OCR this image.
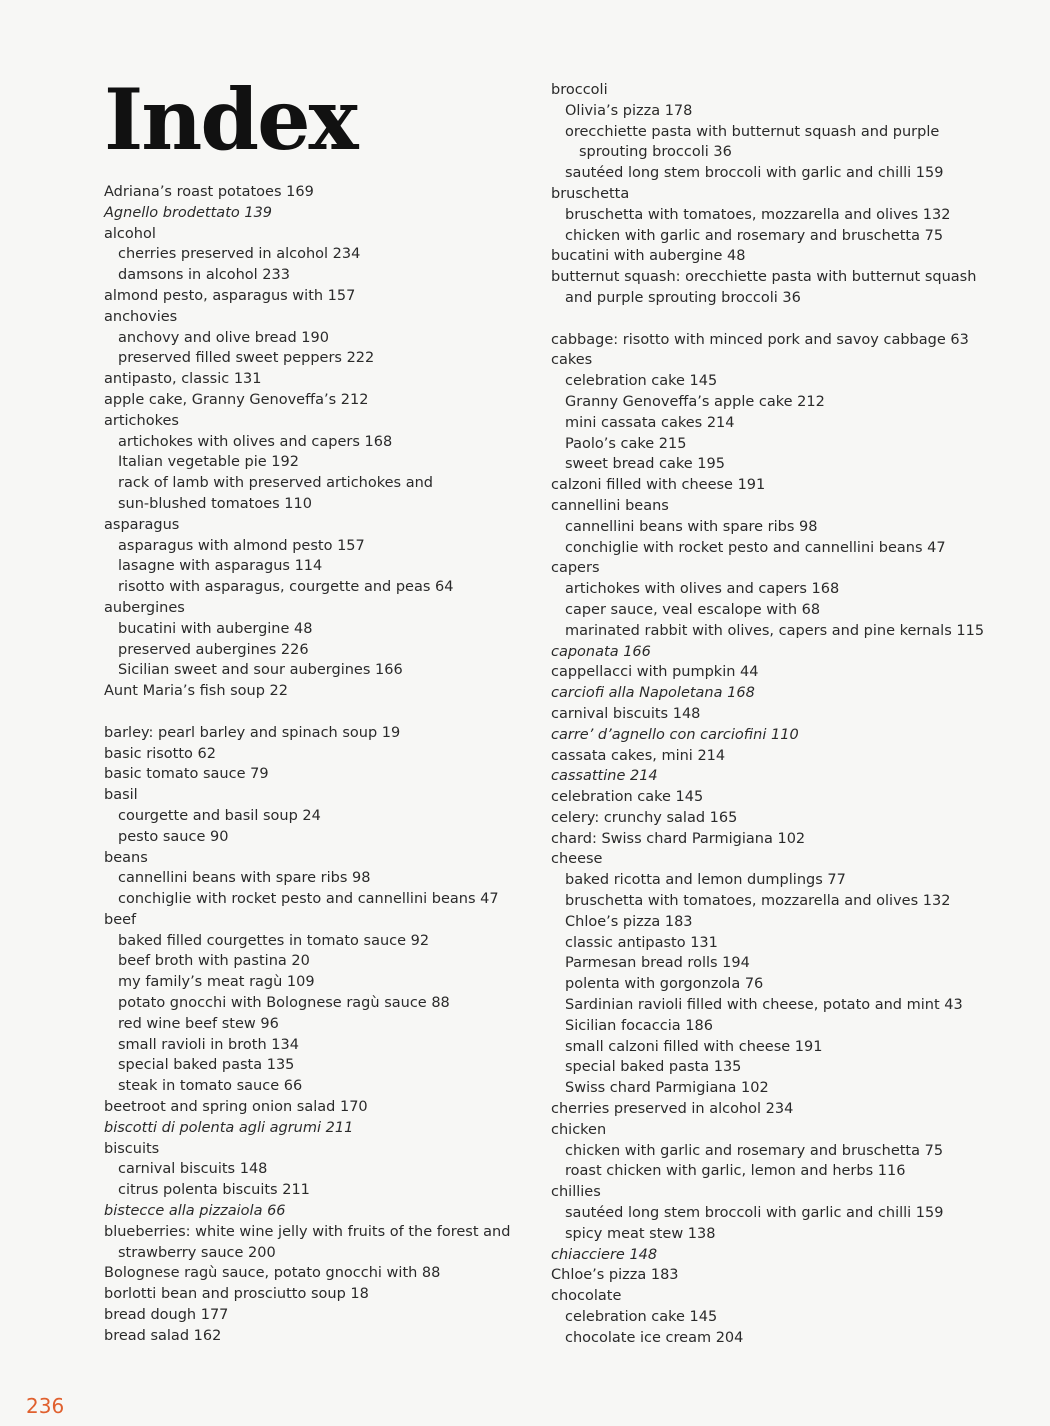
Index
Adriana’s roast potatoes 169
Agnello brodettato 139
alcohol
cherries preserved in alcohol 234
damsons in alcohol 233
almond pesto, asparagus with 157
anchovies
anchovy and olive bread 190
preserved filled sweet peppers 222
antipasto, classic 131
apple cake, Granny Genoveffa’s 212
artichokes
artichokes with olives and capers 168
Italian vegetable pie 192
rack of lamb with preserved artichokes and
sun-blushed tomatoes 110
asparagus
asparagus with almond pesto 157
lasagne with asparagus 114
risotto with asparagus, courgette and peas 64
aubergines
bucatini with aubergine 48
preserved aubergines 226
Sicilian sweet and sour aubergines 166
Aunt Maria’s fish soup 22
barley: pearl barley and spinach soup 19
basic risotto 62
basic tomato sauce 79
basil
courgette and basil soup 24
pesto sauce 90
beans
cannellini beans with spare ribs 98
conchiglie with rocket pesto and cannellini beans 47
beef
baked filled courgettes in tomato sauce 92
beef broth with pastina 20
my family’s meat ragù 109
potato gnocchi with Bolognese ragù sauce 88
red wine beef stew 96
small ravioli in broth 134
special baked pasta 135
steak in tomato sauce 66
beetroot and spring onion salad 170
biscotti di polenta agli agrumi 211
biscuits
carnival biscuits 148
citrus polenta biscuits 211
bistecce alla pizzaiola 66
blueberries: white wine jelly with fruits of the forest and
strawberry sauce 200
Bolognese ragù sauce, potato gnocchi with 88
borlotti bean and prosciutto soup 18
bread dough 177
bread salad 162
broccoli
Olivia’s pizza 178
orecchiette pasta with butternut squash and purple
sprouting broccoli 36
sautéed long stem broccoli with garlic and chilli 159
bruschetta
bruschetta with tomatoes, mozzarella and olives 132
chicken with garlic and rosemary and bruschetta 75
bucatini with aubergine 48
butternut squash: orecchiette pasta with butternut squash
and purple sprouting broccoli 36
cabbage: risotto with minced pork and savoy cabbage 63
cakes
celebration cake 145
Granny Genoveffa’s apple cake 212
mini cassata cakes 214
Paolo’s cake 215
sweet bread cake 195
calzoni filled with cheese 191
cannellini beans
cannellini beans with spare ribs 98
conchiglie with rocket pesto and cannellini beans 47
capers
artichokes with olives and capers 168
caper sauce, veal escalope with 68
marinated rabbit with olives, capers and pine kernals 115
caponata 166
cappellacci with pumpkin 44
carciofi alla Napoletana 168
carnival biscuits 148
carre’ d’agnello con carciofini 110
cassata cakes, mini 214
cassattine 214
celebration cake 145
celery: crunchy salad 165
chard: Swiss chard Parmigiana 102
cheese
baked ricotta and lemon dumplings 77
bruschetta with tomatoes, mozzarella and olives 132
Chloe’s pizza 183
classic antipasto 131
Parmesan bread rolls 194
polenta with gorgonzola 76
Sardinian ravioli filled with cheese, potato and mint 43
Sicilian focaccia 186
small calzoni filled with cheese 191
special baked pasta 135
Swiss chard Parmigiana 102
cherries preserved in alcohol 234
chicken
chicken with garlic and rosemary and bruschetta 75
roast chicken with garlic, lemon and herbs 116
chillies
sautéed long stem broccoli with garlic and chilli 159
spicy meat stew 138
chiacciere 148
Chloe’s pizza 183
chocolate
celebration cake 145
chocolate ice cream 204
236
